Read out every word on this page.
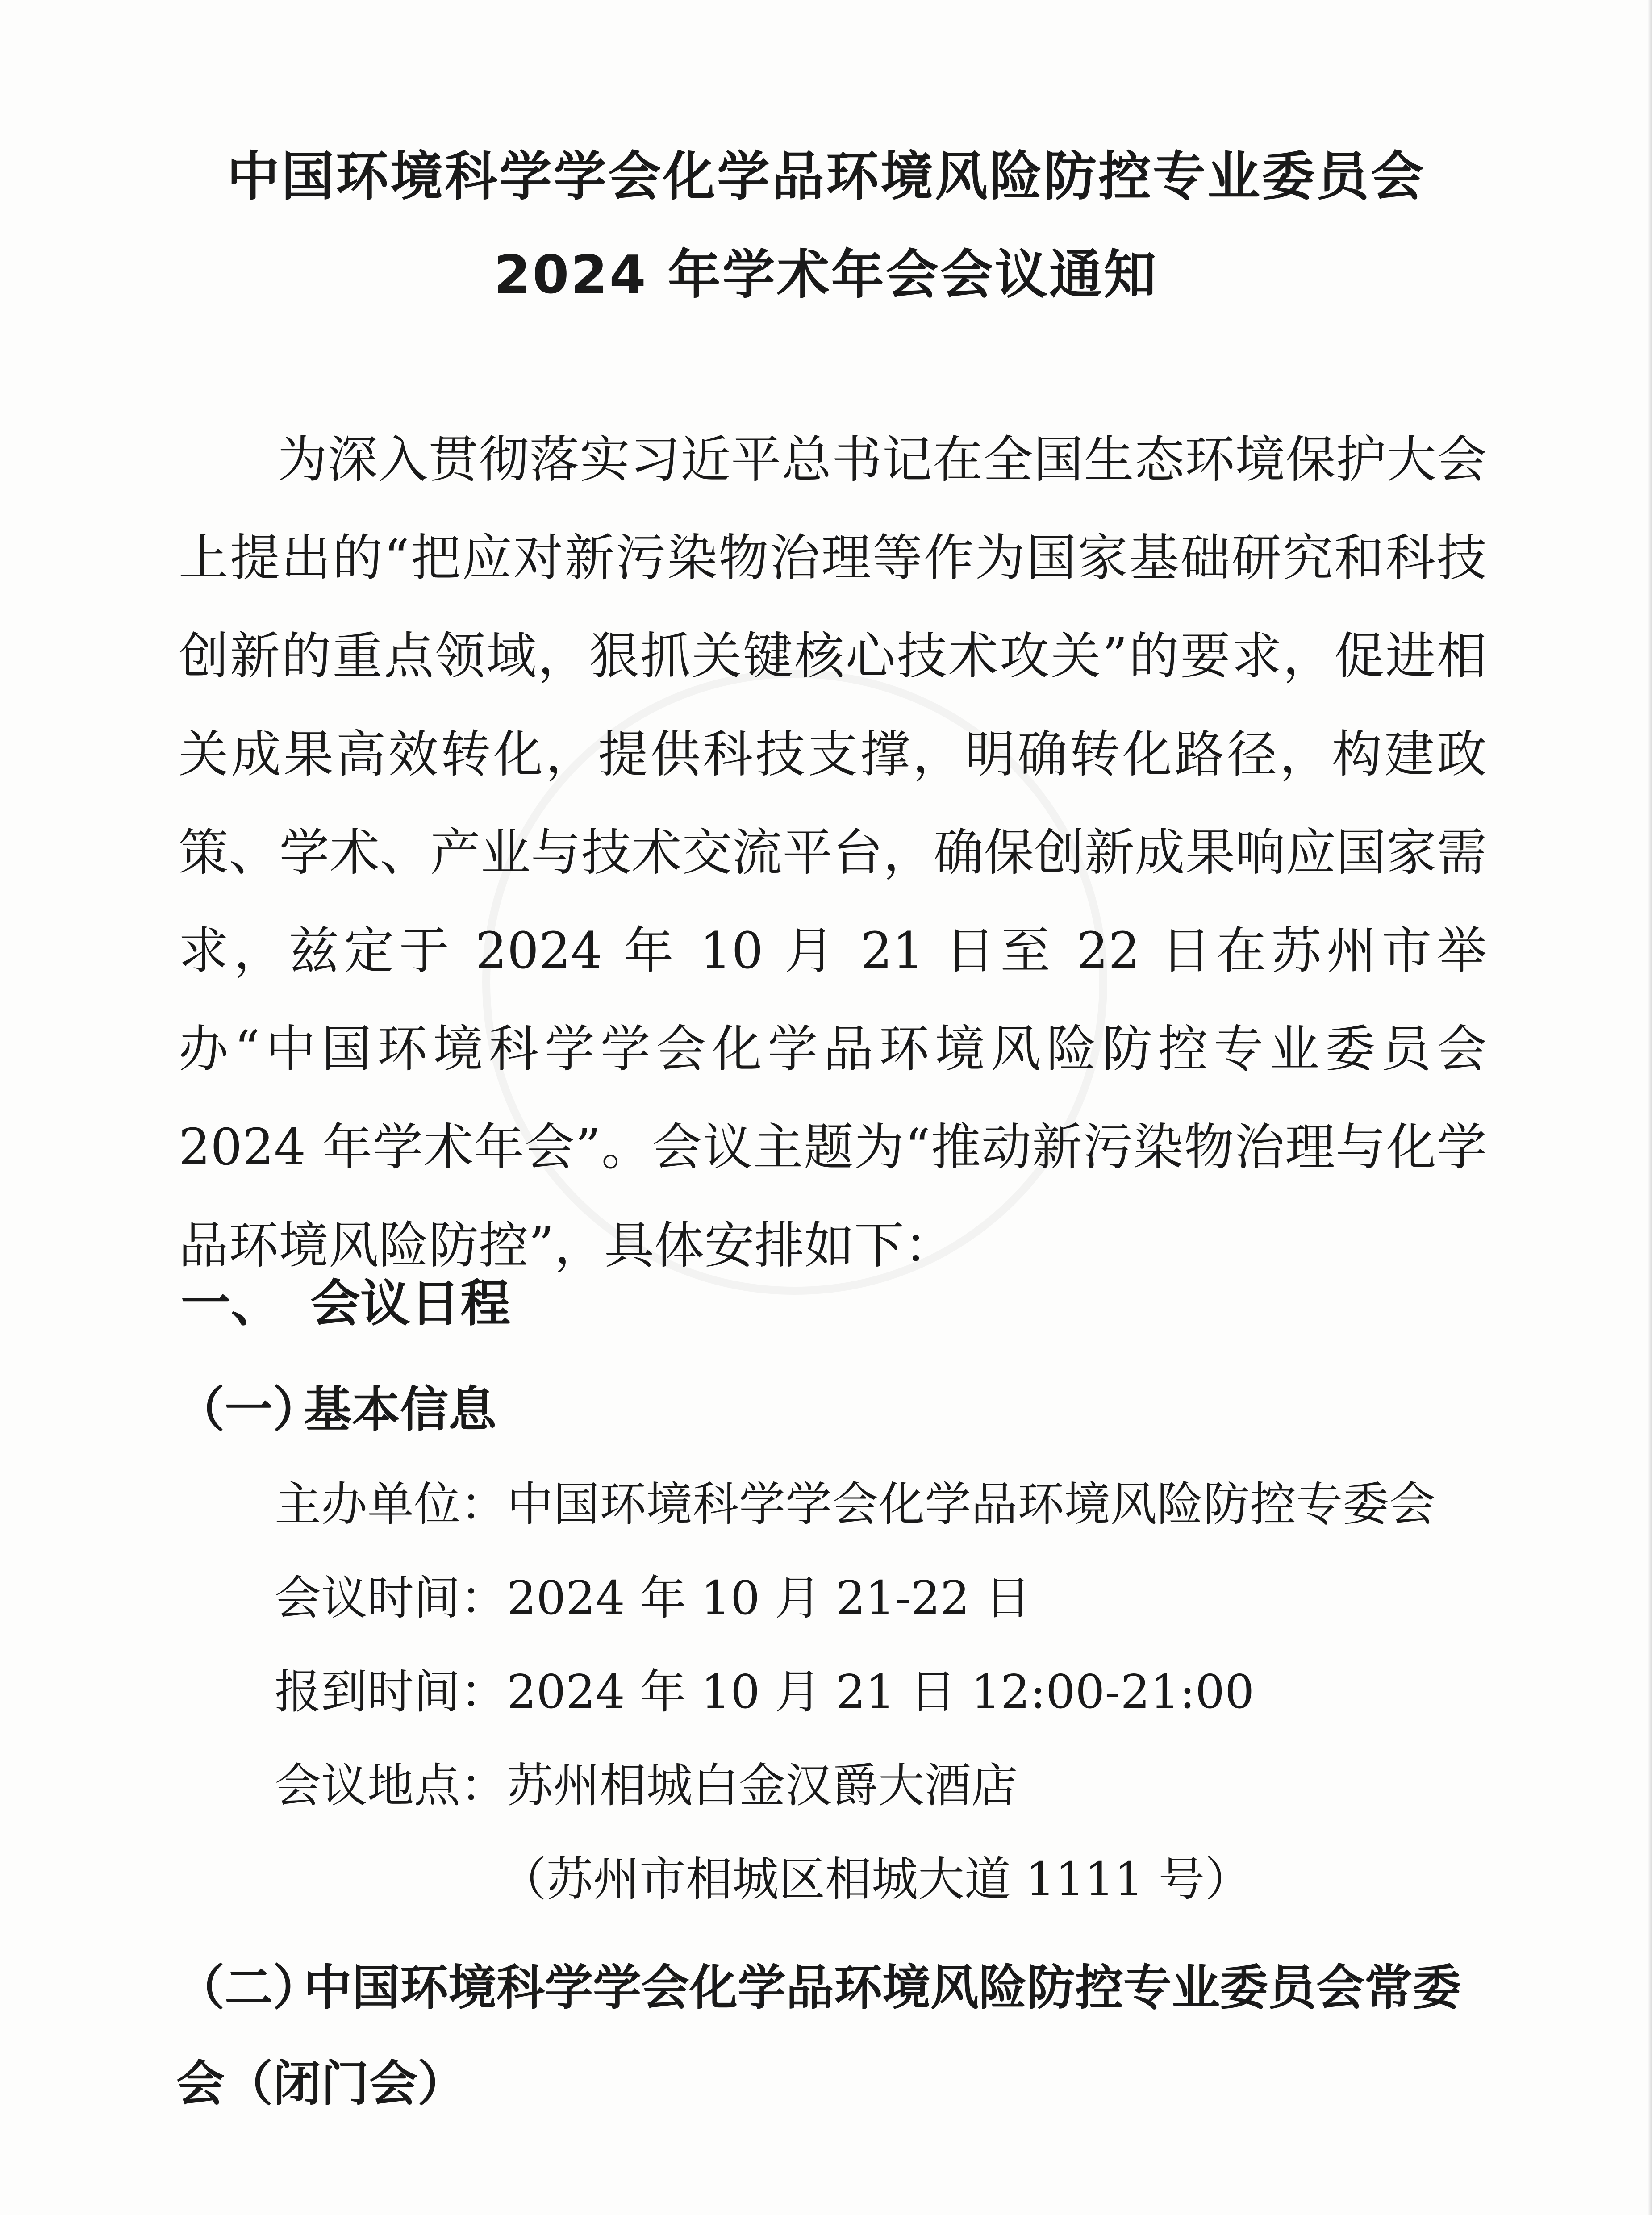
中国环境科学学会化学品环境风险防控专业委员会
2024 年学术年会会议通知
为深入贯彻落实习近平总书记在全国生态环境保护大会上提出的“把应对新污染物治理等作为国家基础研究和科技创新的重点领域，狠抓关键核心技术攻关”的要求，促进相关成果高效转化，提供科技支撑，明确转化路径，构建政策、学术、产业与技术交流平台，确保创新成果响应国家需求，兹定于 2024 年 10 月 21 日至 22 日在苏州市举办“中国环境科学学会化学品环境风险防控专业委员会 2024 年学术年会”。会议主题为“推动新污染物治理与化学品环境风险防控”，具体安排如下：
一、 会议日程
（一）基本信息
主办单位：中国环境科学学会化学品环境风险防控专委会
会议时间：2024 年 10 月 21-22 日
报到时间：2024 年 10 月 21 日 12:00-21:00
会议地点：苏州相城白金汉爵大酒店
（苏州市相城区相城大道 1111 号）
（二）中国环境科学学会化学品环境风险防控专业委员会常委会（闭门会）
